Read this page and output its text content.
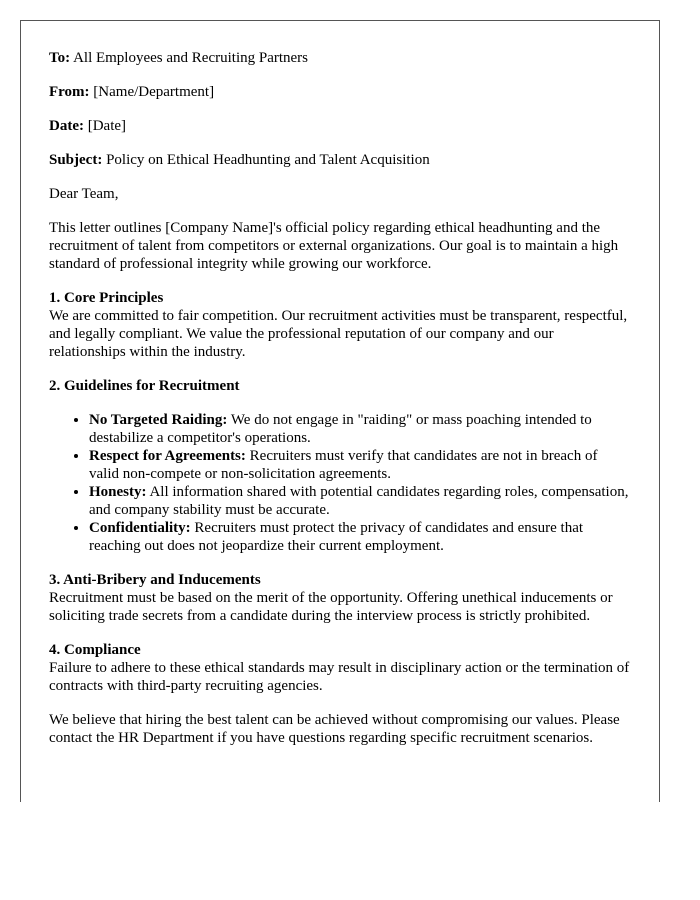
To: All Employees and Recruiting Partners

From: [Name/Department]

Date: [Date]

Subject: Policy on Ethical Headhunting and Talent Acquisition

Dear Team,

This letter outlines [Company Name]'s official policy regarding ethical headhunting and the recruitment of talent from competitors or external organizations. Our goal is to maintain a high standard of professional integrity while growing our workforce.

1. Core Principles
We are committed to fair competition. Our recruitment activities must be transparent, respectful, and legally compliant. We value the professional reputation of our company and our relationships within the industry.

2. Guidelines for Recruitment

• No Targeted Raiding: We do not engage in "raiding" or mass poaching intended to destabilize a competitor's operations.
• Respect for Agreements: Recruiters must verify that candidates are not in breach of valid non-compete or non-solicitation agreements.
• Honesty: All information shared with potential candidates regarding roles, compensation, and company stability must be accurate.
• Confidentiality: Recruiters must protect the privacy of candidates and ensure that reaching out does not jeopardize their current employment.

3. Anti-Bribery and Inducements
Recruitment must be based on the merit of the opportunity. Offering unethical inducements or soliciting trade secrets from a candidate during the interview process is strictly prohibited.

4. Compliance
Failure to adhere to these ethical standards may result in disciplinary action or the termination of contracts with third-party recruiting agencies.

We believe that hiring the best talent can be achieved without compromising our values. Please contact the HR Department if you have questions regarding specific recruitment scenarios.
